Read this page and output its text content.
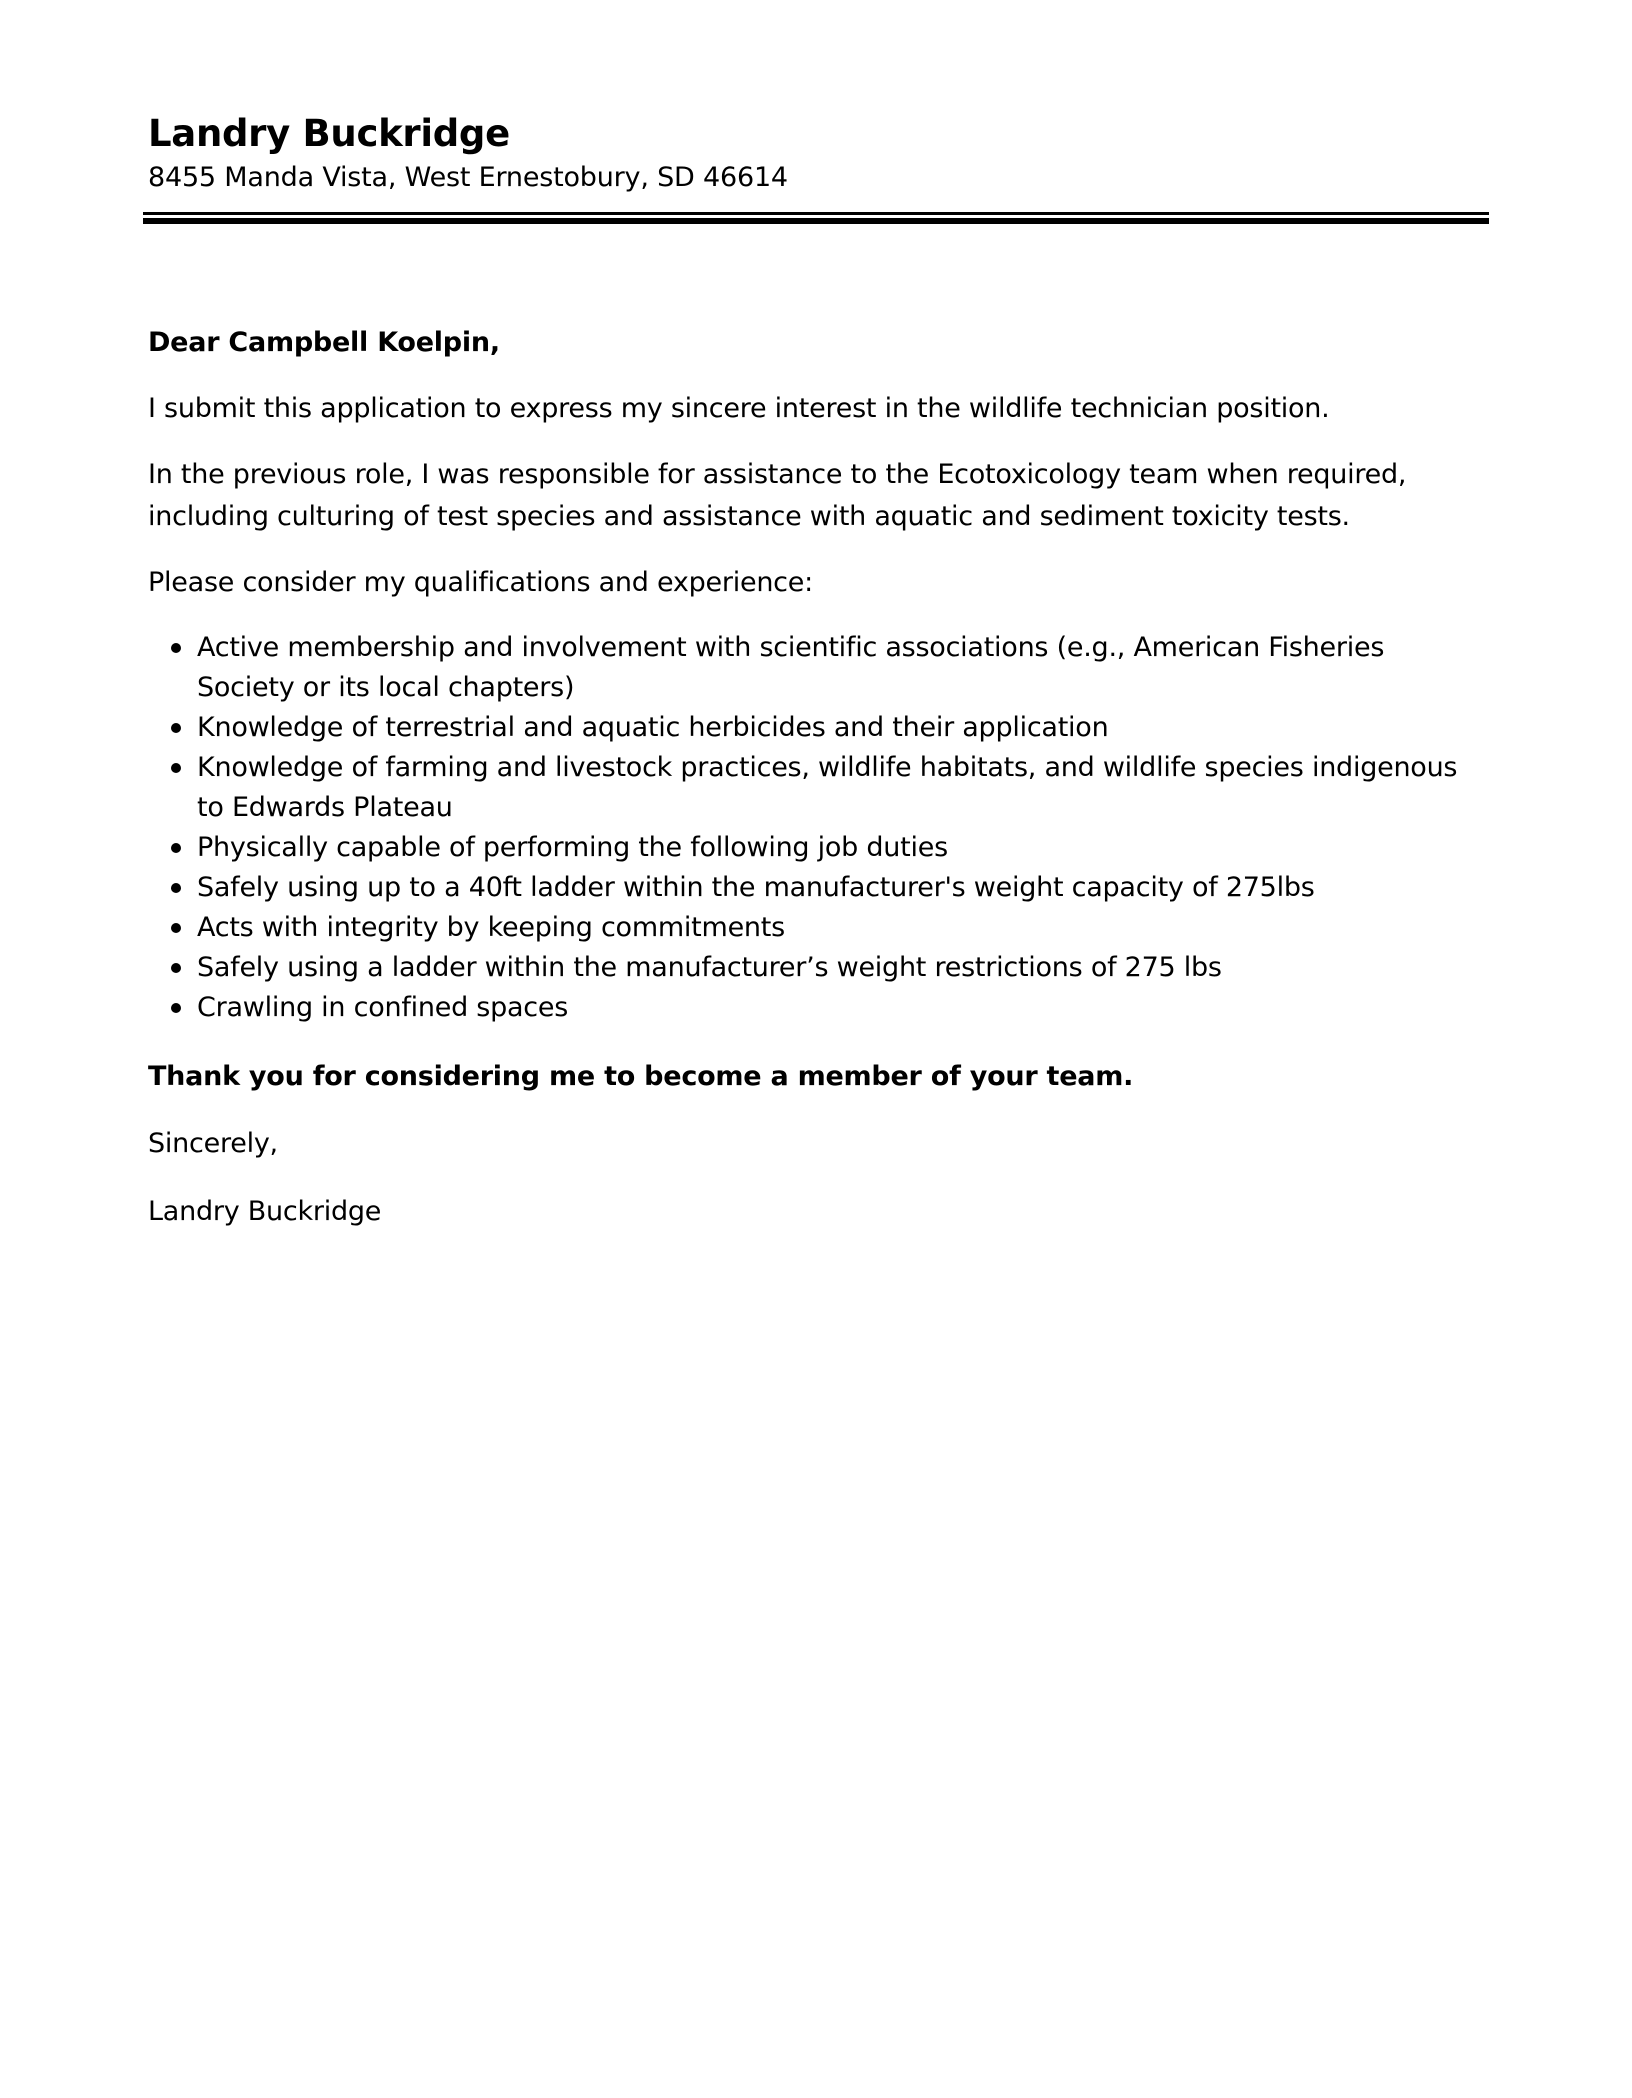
Landry Buckridge
8455 Manda Vista, West Ernestobury, SD 46614

Dear Campbell Koelpin,

I submit this application to express my sincere interest in the wildlife technician position.

In the previous role, I was responsible for assistance to the Ecotoxicology team when required, including culturing of test species and assistance with aquatic and sediment toxicity tests.

Please consider my qualifications and experience:

Active membership and involvement with scientific associations (e.g., American Fisheries Society or its local chapters)
Knowledge of terrestrial and aquatic herbicides and their application
Knowledge of farming and livestock practices, wildlife habitats, and wildlife species indigenous to Edwards Plateau
Physically capable of performing the following job duties
Safely using up to a 40ft ladder within the manufacturer's weight capacity of 275lbs
Acts with integrity by keeping commitments
Safely using a ladder within the manufacturer’s weight restrictions of 275 lbs
Crawling in confined spaces

Thank you for considering me to become a member of your team.

Sincerely,

Landry Buckridge
